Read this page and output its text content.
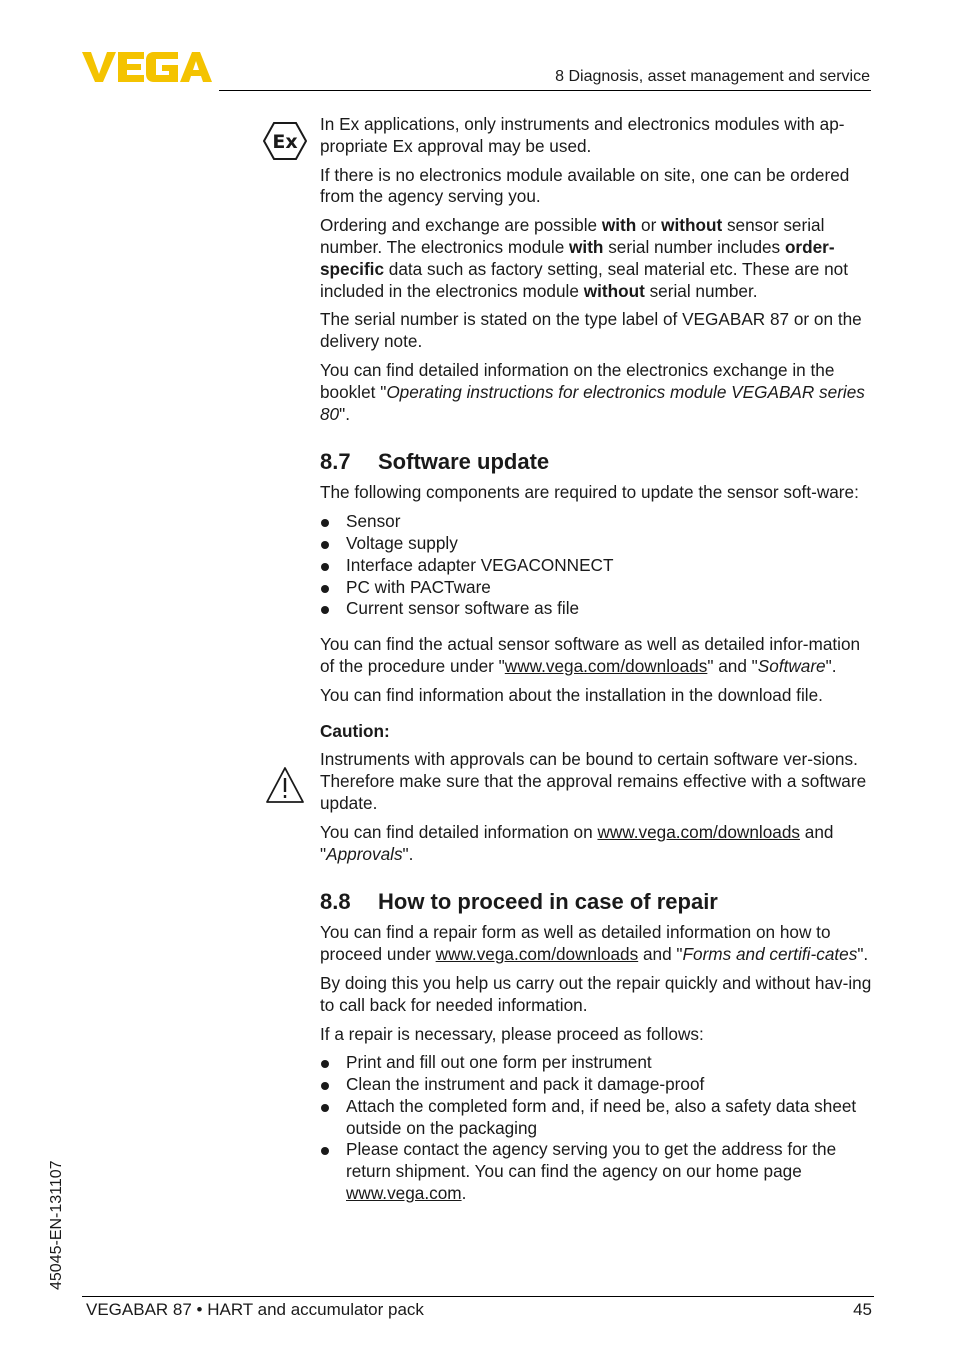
8 Diagnosis, asset management and service
45045-EN-131107
Ex

In Ex applications, only instruments and electronics modules with ap-propriate Ex approval may be used.

If there is no electronics module available on site, one can be ordered from the agency serving you.

Ordering and exchange are possible with or without sensor serial number. The electronics module with serial number includes order-specific data such as factory setting, seal material etc. These are not included in the electronics module without serial number.

The serial number is stated on the type label of VEGABAR 87 or on the delivery note.

You can find detailed information on the electronics exchange in the booklet "Operating instructions for electronics module VEGABAR series 80".

8.7 Software update

The following components are required to update the sensor soft-ware:

Sensor
Voltage supply
Interface adapter VEGACONNECT
PC with PACTware
Current sensor software as file

You can find the actual sensor software as well as detailed infor-mation of the procedure under "www.vega.com/downloads" and "Software".

You can find information about the installation in the download file.

Caution:

Instruments with approvals can be bound to certain software ver-sions. Therefore make sure that the approval remains effective with a software update.

You can find detailed information on www.vega.com/downloads and "Approvals".

8.8 How to proceed in case of repair

You can find a repair form as well as detailed information on how to proceed under www.vega.com/downloads and "Forms and certifi-cates".

By doing this you help us carry out the repair quickly and without hav-ing to call back for needed information.

If a repair is necessary, please proceed as follows:

Print and fill out one form per instrument
Clean the instrument and pack it damage-proof
Attach the completed form and, if need be, also a safety data sheet outside on the packaging
Please contact the agency serving you to get the address for the return shipment. You can find the agency on our home page www.vega.com.
VEGABAR 87 • HART and accumulator pack	45
